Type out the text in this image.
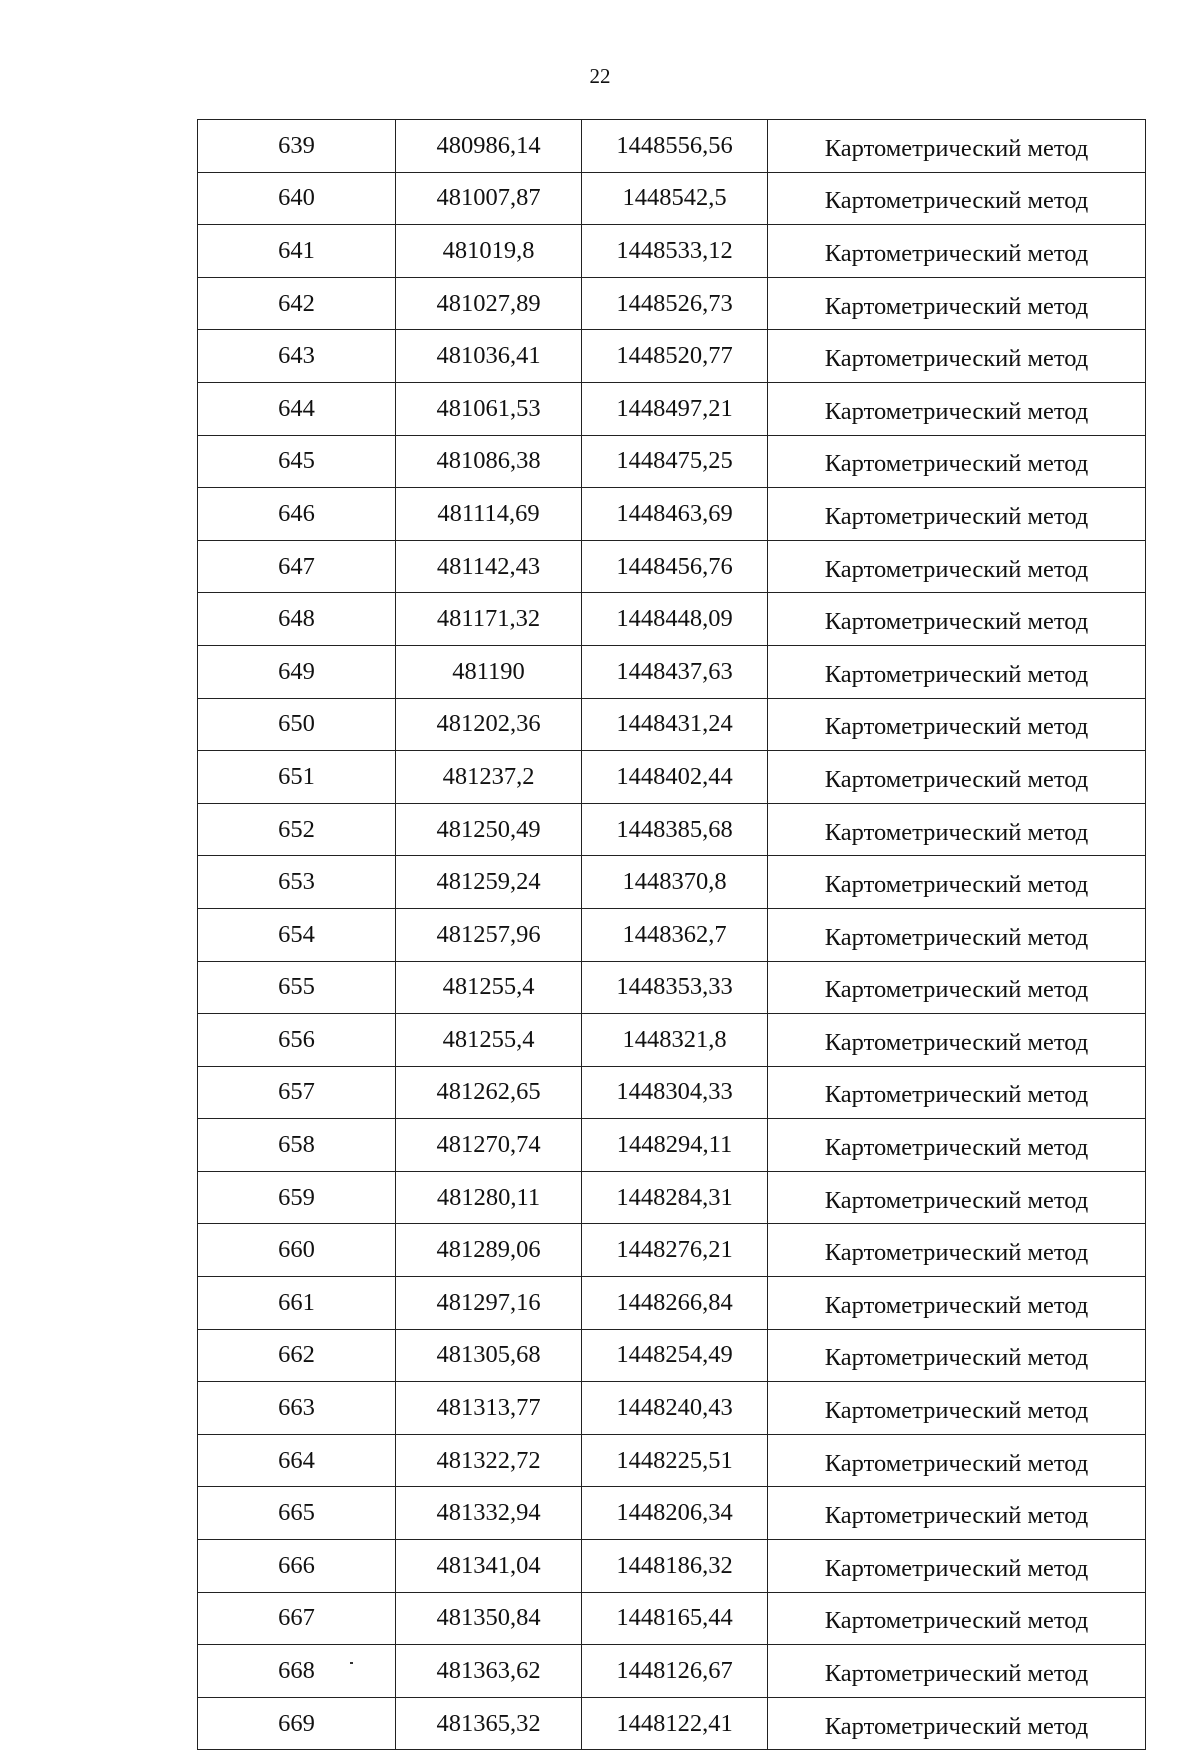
22
639	480986,14	1448556,56	Картометрический метод
640	481007,87	1448542,5	Картометрический метод
641	481019,8	1448533,12	Картометрический метод
642	481027,89	1448526,73	Картометрический метод
643	481036,41	1448520,77	Картометрический метод
644	481061,53	1448497,21	Картометрический метод
645	481086,38	1448475,25	Картометрический метод
646	481114,69	1448463,69	Картометрический метод
647	481142,43	1448456,76	Картометрический метод
648	481171,32	1448448,09	Картометрический метод
649	481190	1448437,63	Картометрический метод
650	481202,36	1448431,24	Картометрический метод
651	481237,2	1448402,44	Картометрический метод
652	481250,49	1448385,68	Картометрический метод
653	481259,24	1448370,8	Картометрический метод
654	481257,96	1448362,7	Картометрический метод
655	481255,4	1448353,33	Картометрический метод
656	481255,4	1448321,8	Картометрический метод
657	481262,65	1448304,33	Картометрический метод
658	481270,74	1448294,11	Картометрический метод
659	481280,11	1448284,31	Картометрический метод
660	481289,06	1448276,21	Картометрический метод
661	481297,16	1448266,84	Картометрический метод
662	481305,68	1448254,49	Картометрический метод
663	481313,77	1448240,43	Картометрический метод
664	481322,72	1448225,51	Картометрический метод
665	481332,94	1448206,34	Картометрический метод
666	481341,04	1448186,32	Картометрический метод
667	481350,84	1448165,44	Картометрический метод
668	481363,62	1448126,67	Картометрический метод
669	481365,32	1448122,41	Картометрический метод
